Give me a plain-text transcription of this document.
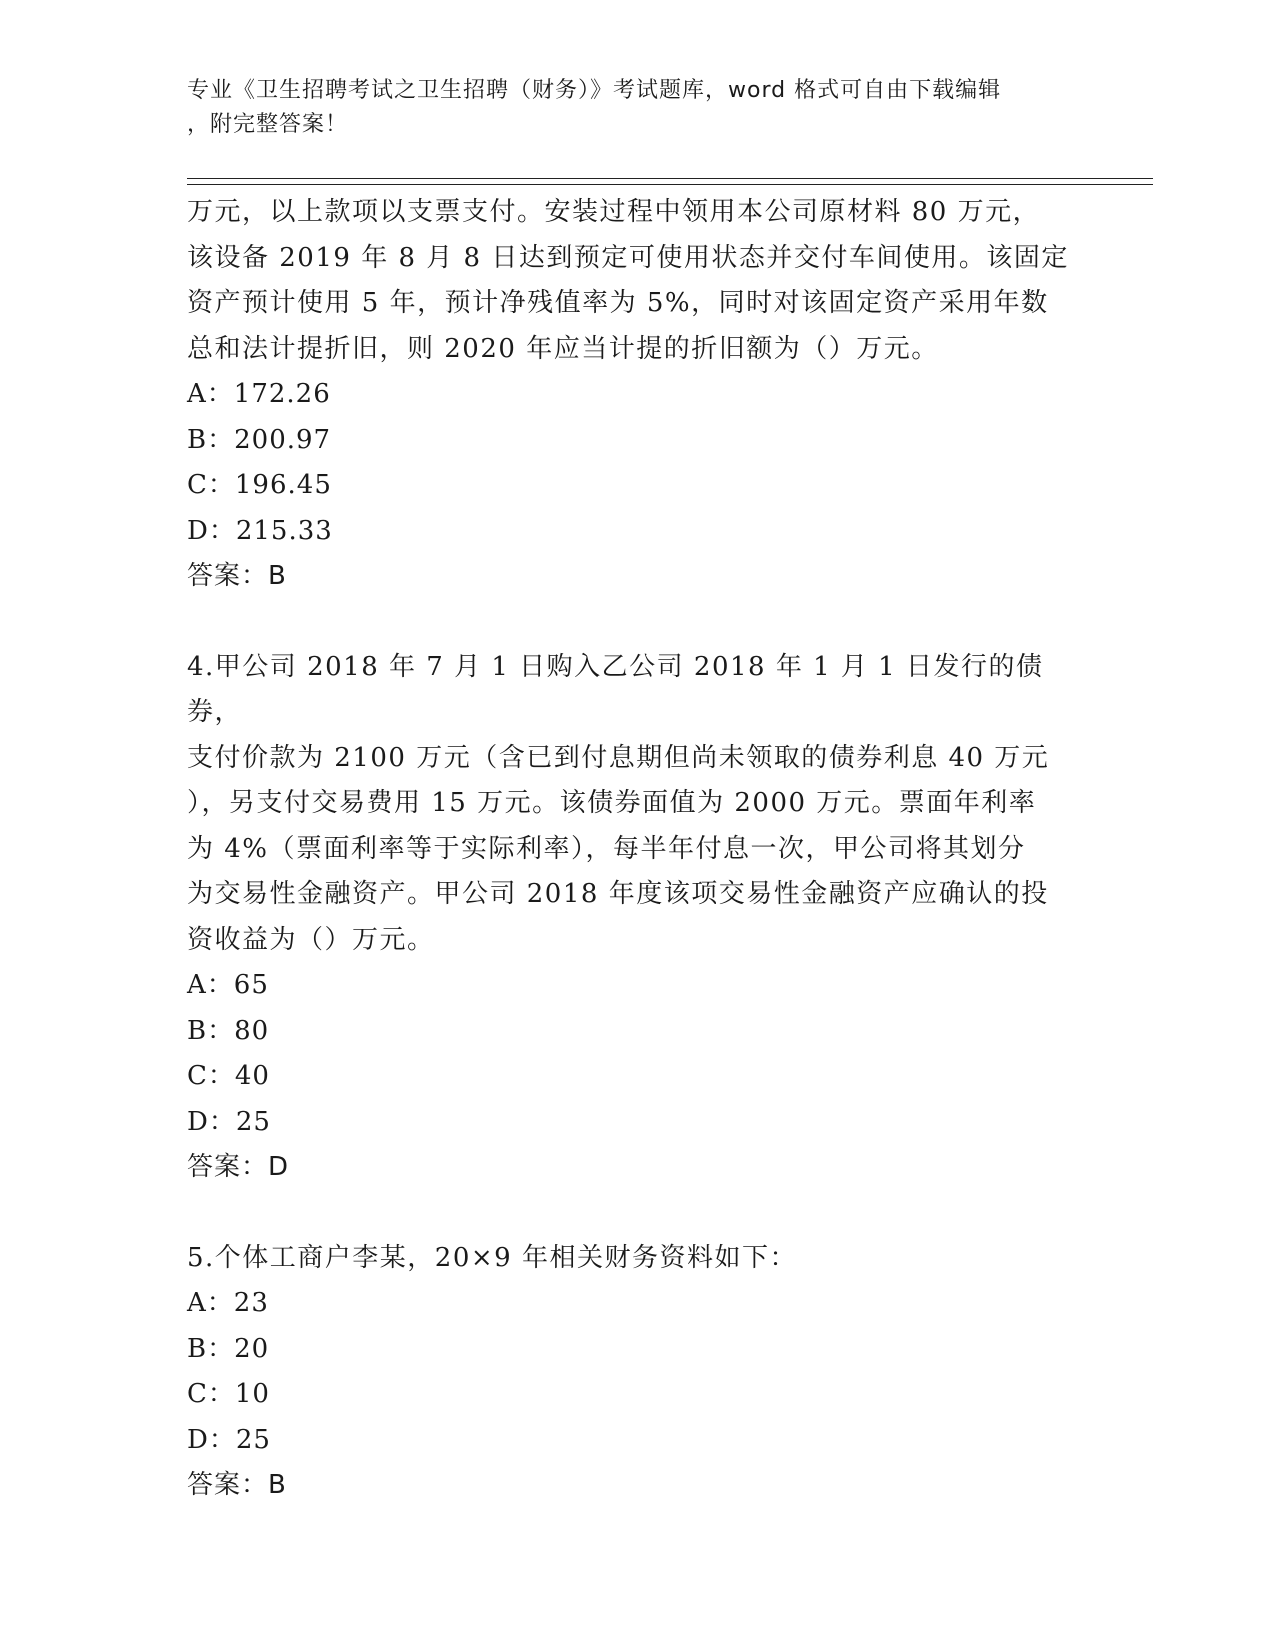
专业《卫生招聘考试之卫生招聘（财务）》考试题库，word 格式可自由下载编辑
，附完整答案！

万元，以上款项以支票支付。安装过程中领用本公司原材料 80 万元，

该设备 2019 年 8 月 8 日达到预定可使用状态并交付车间使用。该固定

资产预计使用 5 年，预计净残值率为 5%，同时对该固定资产采用年数

总和法计提折旧，则 2020 年应当计提的折旧额为（）万元。

A：172.26

B：200.97

C：196.45

D：215.33

答案：B

4.甲公司 2018 年 7 月 1 日购入乙公司 2018 年 1 月 1 日发行的债券，

支付价款为 2100 万元（含已到付息期但尚未领取的债券利息 40 万元

），另支付交易费用 15 万元。该债券面值为 2000 万元。票面年利率

为 4%（票面利率等于实际利率），每半年付息一次，甲公司将其划分

为交易性金融资产。甲公司 2018 年度该项交易性金融资产应确认的投

资收益为（）万元。

A：65

B：80

C：40

D：25

答案：D

5.个体工商户李某，20×9 年相关财务资料如下：

A：23

B：20

C：10

D：25

答案：B
